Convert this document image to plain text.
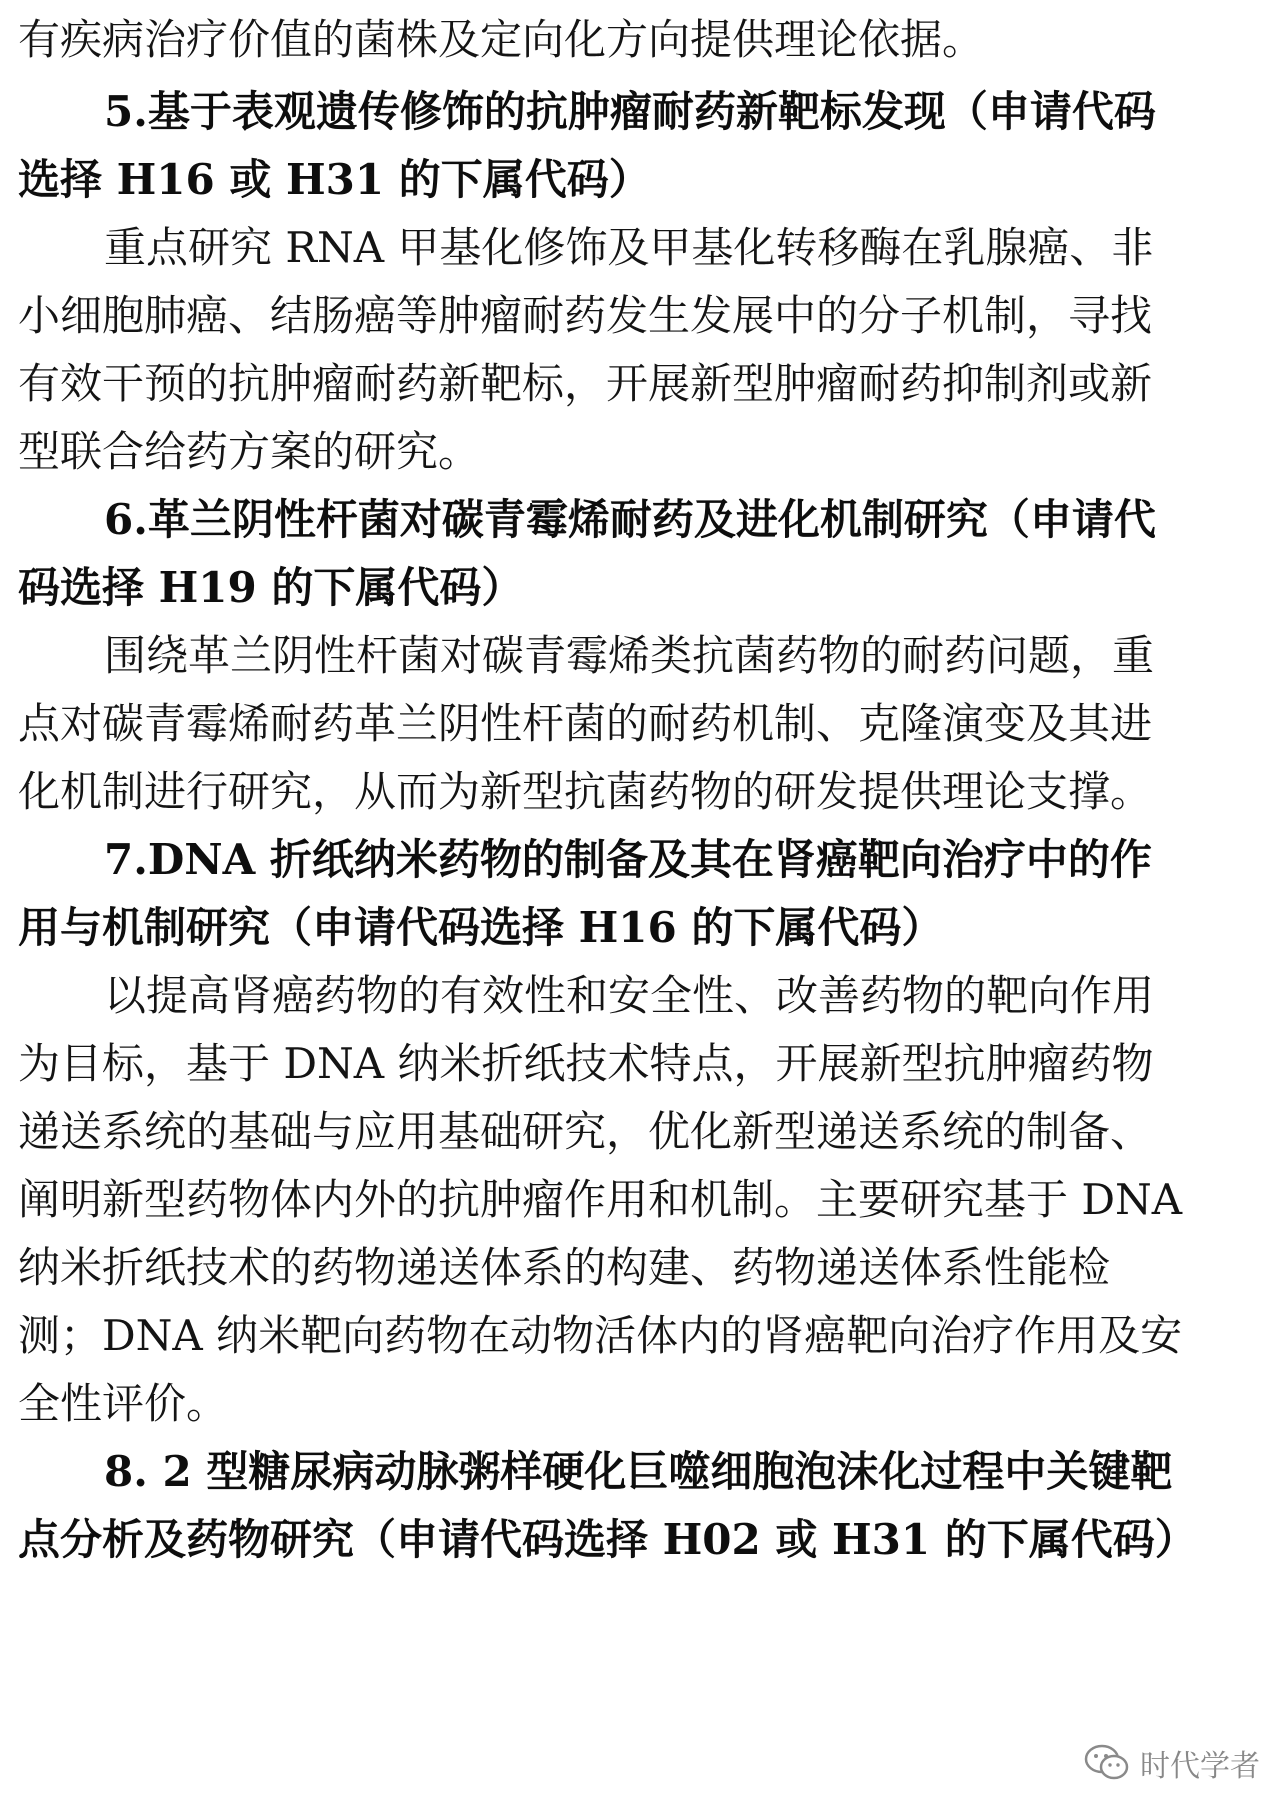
有疾病治疗价值的菌株及定向化方向提供理论依据。
5.基于表观遗传修饰的抗肿瘤耐药新靶标发现（申请代码
选择 H16 或 H31 的下属代码）
重点研究 RNA 甲基化修饰及甲基化转移酶在乳腺癌、非
小细胞肺癌、结肠癌等肿瘤耐药发生发展中的分子机制，寻找
有效干预的抗肿瘤耐药新靶标，开展新型肿瘤耐药抑制剂或新
型联合给药方案的研究。
6.革兰阴性杆菌对碳青霉烯耐药及进化机制研究（申请代
码选择 H19 的下属代码）
围绕革兰阴性杆菌对碳青霉烯类抗菌药物的耐药问题，重
点对碳青霉烯耐药革兰阴性杆菌的耐药机制、克隆演变及其进
化机制进行研究，从而为新型抗菌药物的研发提供理论支撑。
7.DNA 折纸纳米药物的制备及其在肾癌靶向治疗中的作
用与机制研究（申请代码选择 H16 的下属代码）
以提高肾癌药物的有效性和安全性、改善药物的靶向作用
为目标，基于 DNA 纳米折纸技术特点，开展新型抗肿瘤药物
递送系统的基础与应用基础研究，优化新型递送系统的制备、
阐明新型药物体内外的抗肿瘤作用和机制。主要研究基于 DNA
纳米折纸技术的药物递送体系的构建、药物递送体系性能检
测；DNA 纳米靶向药物在动物活体内的肾癌靶向治疗作用及安
全性评价。
8. 2 型糖尿病动脉粥样硬化巨噬细胞泡沫化过程中关键靶
点分析及药物研究（申请代码选择 H02 或 H31 的下属代码）
时代学者
